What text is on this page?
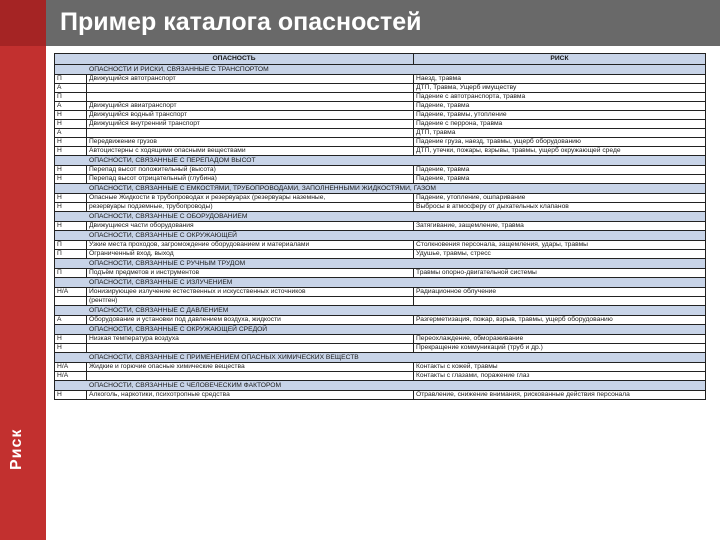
Риск
Пример каталога опасностей
ОПАСНОСТЬ		РИСК
ОПАСНОСТИ И РИСКИ, СВЯЗАННЫЕ С ТРАНСПОРТОМ		
П	Движущийся автотранспорт	Наезд, травма
А		ДТП, Травма, Ущерб имуществу
П		Падение с автотранспорта, травма
А	Движущийся авиатранспорт	Падение, травма
Н	Движущийся водный транспорт	Падение, травмы, утопление
Н	Движущийся внутренний транспорт	Падение с перрона, травма
А		ДТП, травма
Н	Передвижение грузов	Падение груза, наезд, травмы, ущерб оборудованию
Н	Автоцистерны с ходящими опасными веществами	ДТП, утечки, пожары, взрывы, травмы, ущерб окружающей среде
ОПАСНОСТИ, СВЯЗАННЫЕ С ПЕРЕПАДОМ ВЫСОТ		
Н	Перепад высот положительный (высота)	Падение, травма
Н	Перепад высот отрицательный (глубина)	Падение, травма
ОПАСНОСТИ, СВЯЗАННЫЕ С ЕМКОСТЯМИ, ТРУБОПРОВОДАМИ, ЗАПОЛНЕННЫМИ ЖИДКОСТЯМИ, ГАЗОМ		
Н	Опасные Жидкости в трубопроводах и резервуарах (резервуары наземные,	Падение, утопление, ошпаривание
Н	резервуары подземные, трубопроводы)	Выбросы в атмосферу от дыхательных клапанов
ОПАСНОСТИ, СВЯЗАННЫЕ С ОБОРУДОВАНИЕМ		
Н	Движущиеся части оборудования	Затягивание, защемление, травма
ОПАСНОСТИ, СВЯЗАННЫЕ С ОКРУЖАЮЩЕЙ		
П	Узкие места проходов, загромождение оборудованием и материалами	Столкновения персонала, защемления, удары, травмы
П	Ограниченный вход, выход	Удушье, травмы, стресс
ОПАСНОСТИ, СВЯЗАННЫЕ С РУЧНЫМ ТРУДОМ		
П	Подъём предметов и инструментов	Травмы опорно-двигательной системы
ОПАСНОСТИ, СВЯЗАННЫЕ С ИЗЛУЧЕНИЕМ		
Н/А	Ионизирующее излучение естественных и искусственных источников	Радиационное облучение
	(рентген)	
ОПАСНОСТИ, СВЯЗАННЫЕ С ДАВЛЕНИЕМ		
А	Оборудование и установки под давлением воздуха, жидкости	Разгерметизация, пожар, взрыв, травмы, ущерб оборудованию
ОПАСНОСТИ, СВЯЗАННЫЕ С ОКРУЖАЮЩЕЙ СРЕДОЙ		
Н	Низкая температура воздуха	Переохлаждение, обмораживание
Н		Прекращение коммуникаций (труб и др.)
ОПАСНОСТИ, СВЯЗАННЫЕ С ПРИМЕНЕНИЕМ ОПАСНЫХ ХИМИЧЕСКИХ ВЕЩЕСТВ		
Н/А	Жидкие и горючие опасные химические вещества	Контакты с кожей, травмы
Н/А		Контакты с глазами, поражение глаз
ОПАСНОСТИ, СВЯЗАННЫЕ С ЧЕЛОВЕЧЕСКИМ ФАКТОРОМ		
Н	Алкоголь, наркотики, психотропные средства	Отравление, снижение внимания, рискованные действия персонала
